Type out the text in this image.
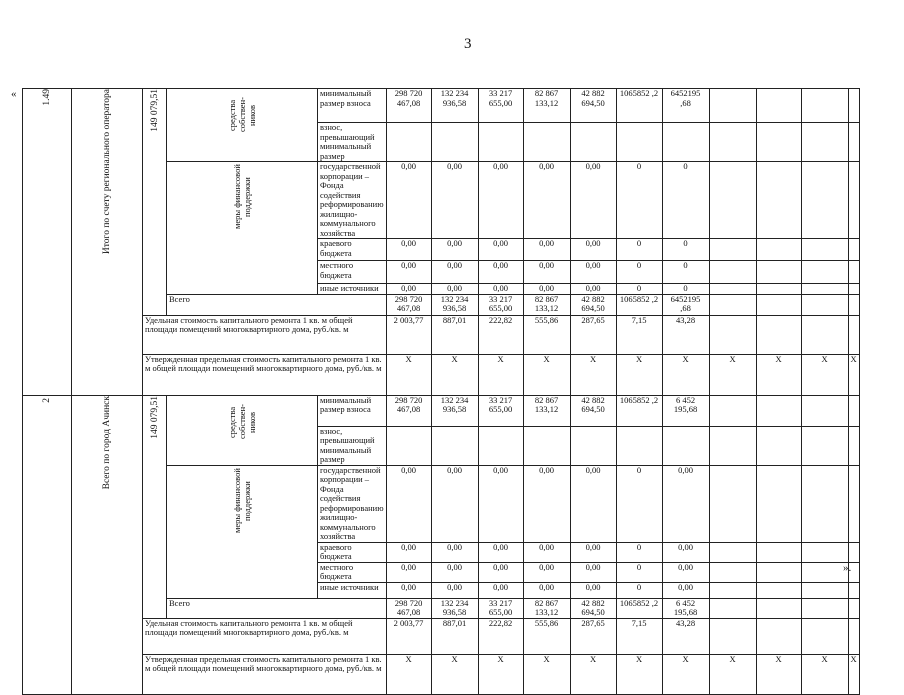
3
«
».
1.49	Итого по счету регионального оператора	149 079,51	средства собствен-ников	минимальный размер взноса	298 720 467,08	132 234 936,58	33 217 655,00	82 867 133,12	42 882 694,50	1065852 ,2	6452195 ,68				
				взнос, превышающий минимальный размер											
			меры финансовой поддержки	государственной корпорации – Фонда содействия реформированию жилищно-коммунального хозяйства	0,00	0,00	0,00	0,00	0,00	0	0				
				краевого бюджета	0,00	0,00	0,00	0,00	0,00	0	0				
				местного бюджета	0,00	0,00	0,00	0,00	0,00	0	0				
				иные источники	0,00	0,00	0,00	0,00	0,00	0	0				
			Всего		298 720 467,08	132 234 936,58	33 217 655,00	82 867 133,12	42 882 694,50	1065852 ,2	6452195 ,68				
		Удельная стоимость капитального ремонта 1 кв. м общей площади помещений многоквартирного дома, руб./кв. м			2 003,77	887,01	222,82	555,86	287,65	7,15	43,28				
		Утвержденная предельная стоимость капитального ремонта 1 кв. м общей площади помещений многоквартирного дома, руб./кв. м			Х	Х	Х	Х	Х	Х	Х	Х	Х	Х	Х
2	Всего по город Ачинск	149 079,51	средства собствен-ников	минимальный размер взноса	298 720 467,08	132 234 936,58	33 217 655,00	82 867 133,12	42 882 694,50	1065852 ,2	6 452 195,68				
				взнос, превышающий минимальный размер											
			меры финансовой поддержки	государственной корпорации – Фонда содействия реформированию жилищно-коммунального хозяйства	0,00	0,00	0,00	0,00	0,00	0	0,00				
				краевого бюджета	0,00	0,00	0,00	0,00	0,00	0	0,00				
				местного бюджета	0,00	0,00	0,00	0,00	0,00	0	0,00				
				иные источники	0,00	0,00	0,00	0,00	0,00	0	0,00				
			Всего		298 720 467,08	132 234 936,58	33 217 655,00	82 867 133,12	42 882 694,50	1065852 ,2	6 452 195,68				
		Удельная стоимость капитального ремонта 1 кв. м общей площади помещений многоквартирного дома, руб./кв. м			2 003,77	887,01	222,82	555,86	287,65	7,15	43,28				
		Утвержденная предельная стоимость капитального ремонта 1 кв. м общей площади помещений многоквартирного дома, руб./кв. м			Х	Х	Х	Х	Х	Х	Х	Х	Х	Х	Х
